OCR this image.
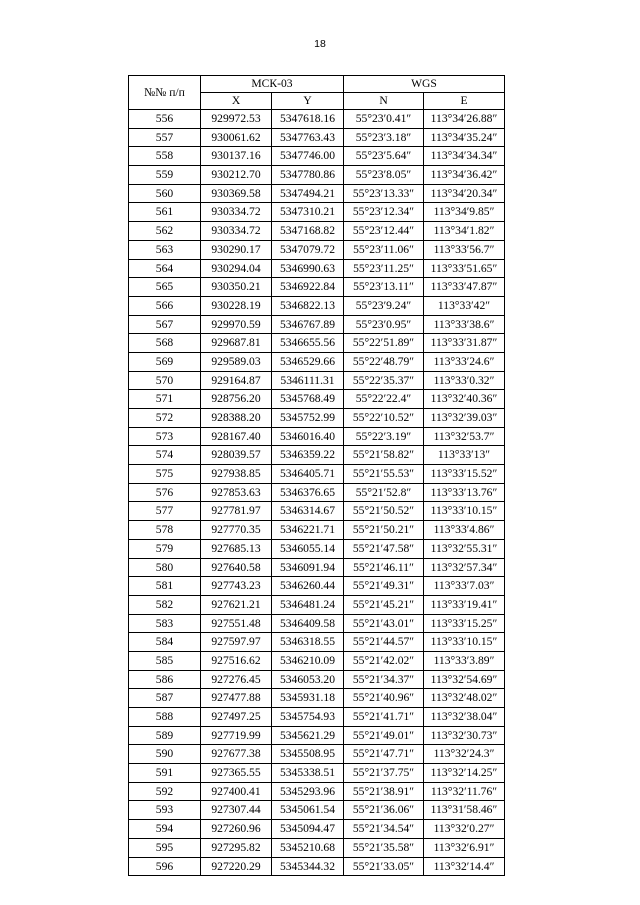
18
№№ п/п	МСК-03		WGS	
	X	Y	N	E
556	929972.53	5347618.16	55°23′0.41″	113°34′26.88″
557	930061.62	5347763.43	55°23′3.18″	113°34′35.24″
558	930137.16	5347746.00	55°23′5.64″	113°34′34.34″
559	930212.70	5347780.86	55°23′8.05″	113°34′36.42″
560	930369.58	5347494.21	55°23′13.33″	113°34′20.34″
561	930334.72	5347310.21	55°23′12.34″	113°34′9.85″
562	930334.72	5347168.82	55°23′12.44″	113°34′1.82″
563	930290.17	5347079.72	55°23′11.06″	113°33′56.7″
564	930294.04	5346990.63	55°23′11.25″	113°33′51.65″
565	930350.21	5346922.84	55°23′13.11″	113°33′47.87″
566	930228.19	5346822.13	55°23′9.24″	113°33′42″
567	929970.59	5346767.89	55°23′0.95″	113°33′38.6″
568	929687.81	5346655.56	55°22′51.89″	113°33′31.87″
569	929589.03	5346529.66	55°22′48.79″	113°33′24.6″
570	929164.87	5346111.31	55°22′35.37″	113°33′0.32″
571	928756.20	5345768.49	55°22′22.4″	113°32′40.36″
572	928388.20	5345752.99	55°22′10.52″	113°32′39.03″
573	928167.40	5346016.40	55°22′3.19″	113°32′53.7″
574	928039.57	5346359.22	55°21′58.82″	113°33′13″
575	927938.85	5346405.71	55°21′55.53″	113°33′15.52″
576	927853.63	5346376.65	55°21′52.8″	113°33′13.76″
577	927781.97	5346314.67	55°21′50.52″	113°33′10.15″
578	927770.35	5346221.71	55°21′50.21″	113°33′4.86″
579	927685.13	5346055.14	55°21′47.58″	113°32′55.31″
580	927640.58	5346091.94	55°21′46.11″	113°32′57.34″
581	927743.23	5346260.44	55°21′49.31″	113°33′7.03″
582	927621.21	5346481.24	55°21′45.21″	113°33′19.41″
583	927551.48	5346409.58	55°21′43.01″	113°33′15.25″
584	927597.97	5346318.55	55°21′44.57″	113°33′10.15″
585	927516.62	5346210.09	55°21′42.02″	113°33′3.89″
586	927276.45	5346053.20	55°21′34.37″	113°32′54.69″
587	927477.88	5345931.18	55°21′40.96″	113°32′48.02″
588	927497.25	5345754.93	55°21′41.71″	113°32′38.04″
589	927719.99	5345621.29	55°21′49.01″	113°32′30.73″
590	927677.38	5345508.95	55°21′47.71″	113°32′24.3″
591	927365.55	5345338.51	55°21′37.75″	113°32′14.25″
592	927400.41	5345293.96	55°21′38.91″	113°32′11.76″
593	927307.44	5345061.54	55°21′36.06″	113°31′58.46″
594	927260.96	5345094.47	55°21′34.54″	113°32′0.27″
595	927295.82	5345210.68	55°21′35.58″	113°32′6.91″
596	927220.29	5345344.32	55°21′33.05″	113°32′14.4″
